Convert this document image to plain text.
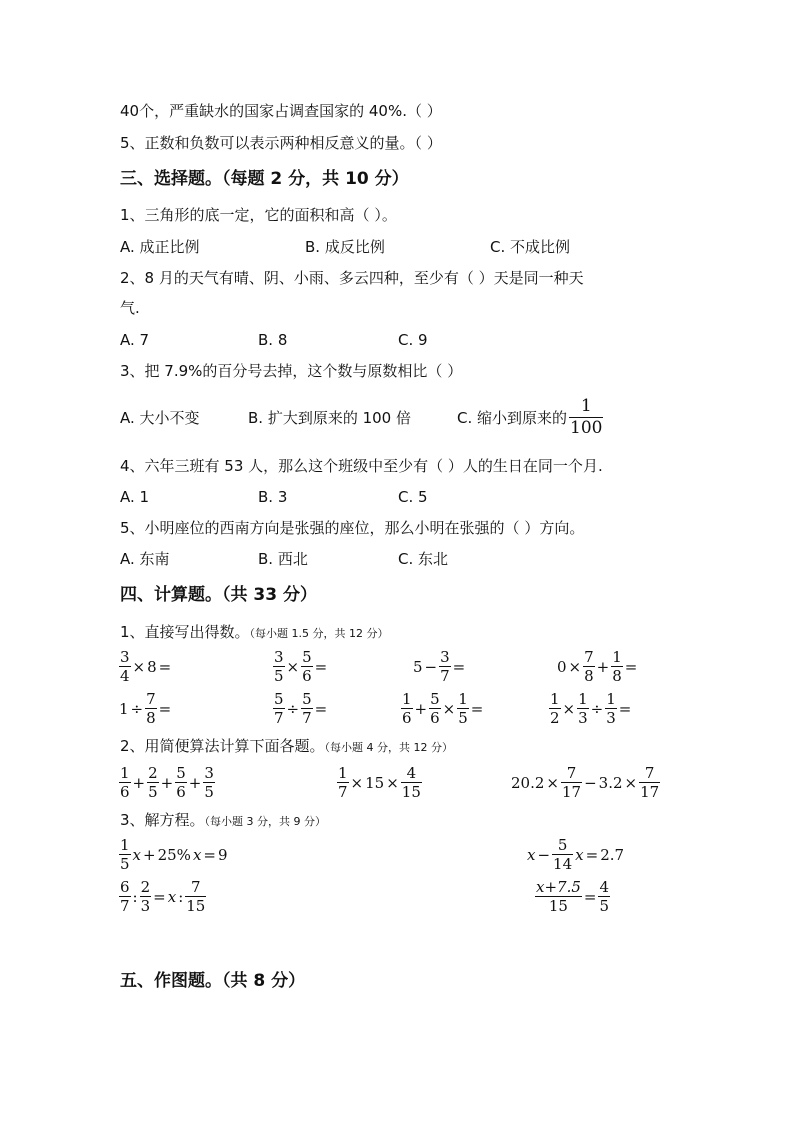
40个，严重缺水的国家占调查国家的 40%.（ ）
5、正数和负数可以表示两种相反意义的量。（ ）
三、选择题。（每题 2 分，共 10 分）
1、三角形的底一定，它的面积和高（ ）。
A. 成正比例	B. 成反比例	C. 不成比例
2、8 月的天气有晴、阴、小雨、多云四种，至少有（ ）天是同一种天
气.
A. 7	B. 8	C. 9
3、把 7.9%的百分号去掉，这个数与原数相比（ ）
A. 大小不变	B. 扩大到原来的 100 倍	C. 缩小到原来的 $\frac{1}{100}$
4、六年三班有 53 人，那么这个班级中至少有（ ）人的生日在同一个月.
A. 1	B. 3	C. 5
5、小明座位的西南方向是张强的座位，那么小明在张强的（ ）方向。
A. 东南	B. 西北	C. 东北
四、计算题。（共 33 分）
1、直接写出得数。（每小题 1.5 分，共 12 分）
$\frac{3}{4} \times 8$ =	$\frac{3}{5} \times \frac{5}{6}$ =	$5 - \frac{3}{7}$ =	$0 \times \frac{7}{8} + \frac{1}{8}$ =
$1 \div \frac{7}{8}$ =	$\frac{5}{7} \div \frac{5}{7}$ =	$\frac{1}{6} + \frac{5}{6} \times \frac{1}{5}$ =	$\frac{1}{2} \times \frac{1}{3} \div \frac{1}{3}$ =
2、用简便算法计算下面各题。（每小题 4 分，共 12 分）
$\frac{1}{6} + \frac{2}{5} + \frac{5}{6} + \frac{3}{5}$	$\frac{1}{7} \times 15 \times \frac{4}{15}$	$20.2 \times \frac{7}{17} - 3.2 \times \frac{7}{17}$
3、解方程。（每小题 3 分，共 9 分）
$\frac{1}{5}$ x + 25% x = 9	$x - \frac{5}{14}$ x = 2.7
$\frac{6}{7}$ : $\frac{2}{3} = x$ : $\frac{7}{15}$	$\frac{x+7.5}{15} = \frac{4}{5}$
五、作图题。（共 8 分）
